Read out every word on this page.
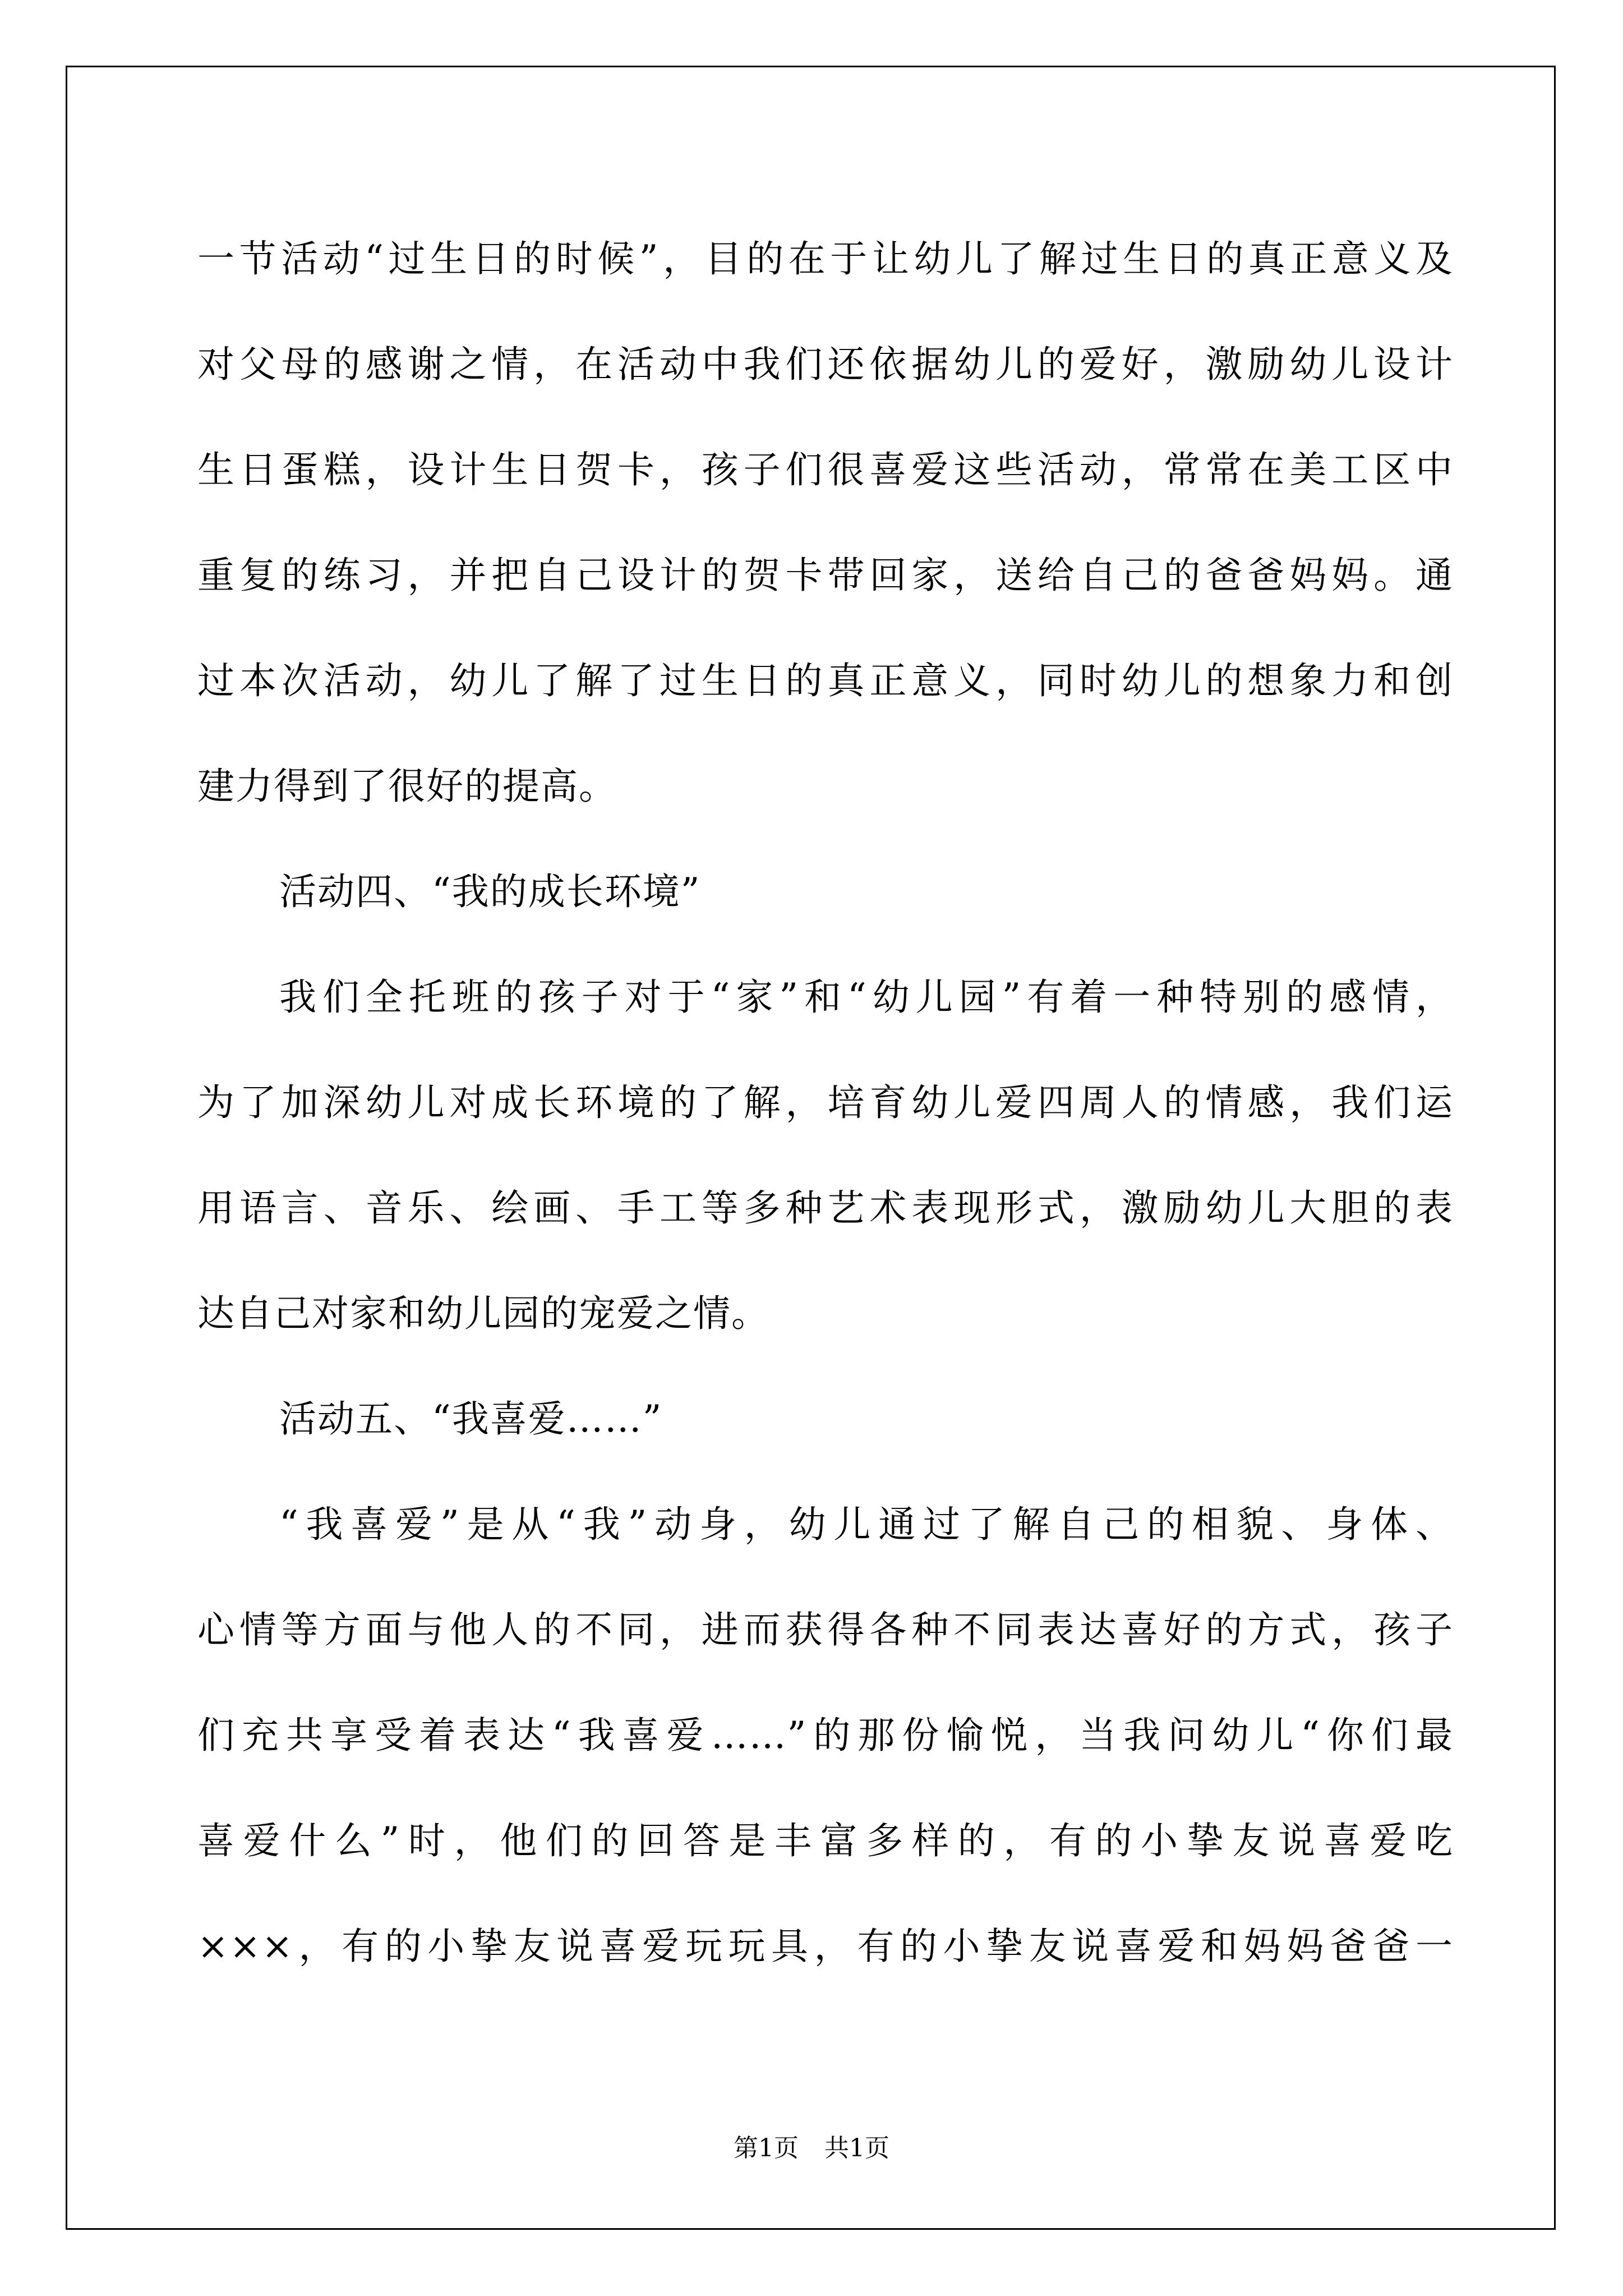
一节活动“过生日的时候”，目的在于让幼儿了解过生日的真正意义及

对父母的感谢之情，在活动中我们还依据幼儿的爱好，激励幼儿设计

生日蛋糕，设计生日贺卡，孩子们很喜爱这些活动，常常在美工区中

重复的练习，并把自己设计的贺卡带回家，送给自己的爸爸妈妈。通

过本次活动，幼儿了解了过生日的真正意义，同时幼儿的想象力和创

建力得到了很好的提高。

活动四、“我的成长环境”

我们全托班的孩子对于“家”和“幼儿园”有着一种特别的感情，

为了加深幼儿对成长环境的了解，培育幼儿爱四周人的情感，我们运

用语言、音乐、绘画、手工等多种艺术表现形式，激励幼儿大胆的表

达自己对家和幼儿园的宠爱之情。

活动五、“我喜爱……”

“我喜爱”是从“我”动身，幼儿通过了解自己的相貌、身体、

心情等方面与他人的不同，进而获得各种不同表达喜好的方式，孩子

们充共享受着表达“我喜爱……”的那份愉悦，当我问幼儿“你们最

喜爱什么”时，他们的回答是丰富多样的，有的小挚友说喜爱吃

×××，有的小挚友说喜爱玩玩具，有的小挚友说喜爱和妈妈爸爸一

第1页 共1页
